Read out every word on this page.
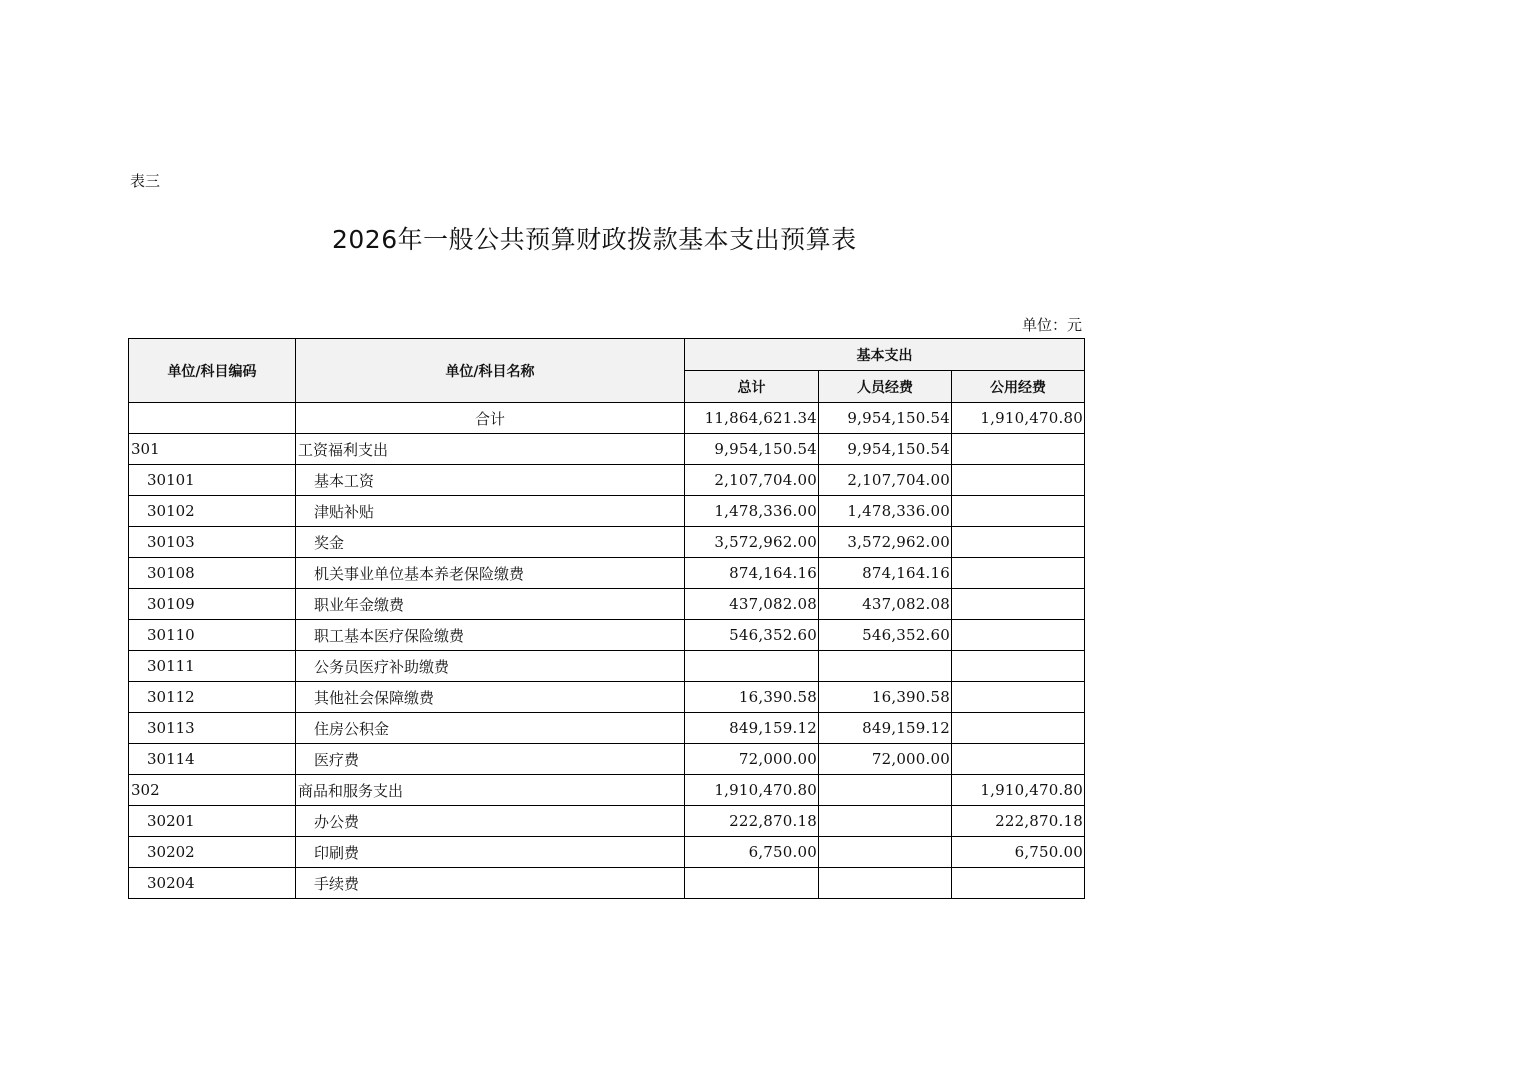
表三
2026年一般公共预算财政拨款基本支出预算表
单位：元
单位/科目编码	单位/科目名称	基本支出		
		总计	人员经费	公用经费
	合计	11,864,621.34	9,954,150.54	1,910,470.80
301	工资福利支出	9,954,150.54	9,954,150.54	
30101	基本工资	2,107,704.00	2,107,704.00	
30102	津贴补贴	1,478,336.00	1,478,336.00	
30103	奖金	3,572,962.00	3,572,962.00	
30108	机关事业单位基本养老保险缴费	874,164.16	874,164.16	
30109	职业年金缴费	437,082.08	437,082.08	
30110	职工基本医疗保险缴费	546,352.60	546,352.60	
30111	公务员医疗补助缴费			
30112	其他社会保障缴费	16,390.58	16,390.58	
30113	住房公积金	849,159.12	849,159.12	
30114	医疗费	72,000.00	72,000.00	
302	商品和服务支出	1,910,470.80		1,910,470.80
30201	办公费	222,870.18		222,870.18
30202	印刷费	6,750.00		6,750.00
30204	手续费			
